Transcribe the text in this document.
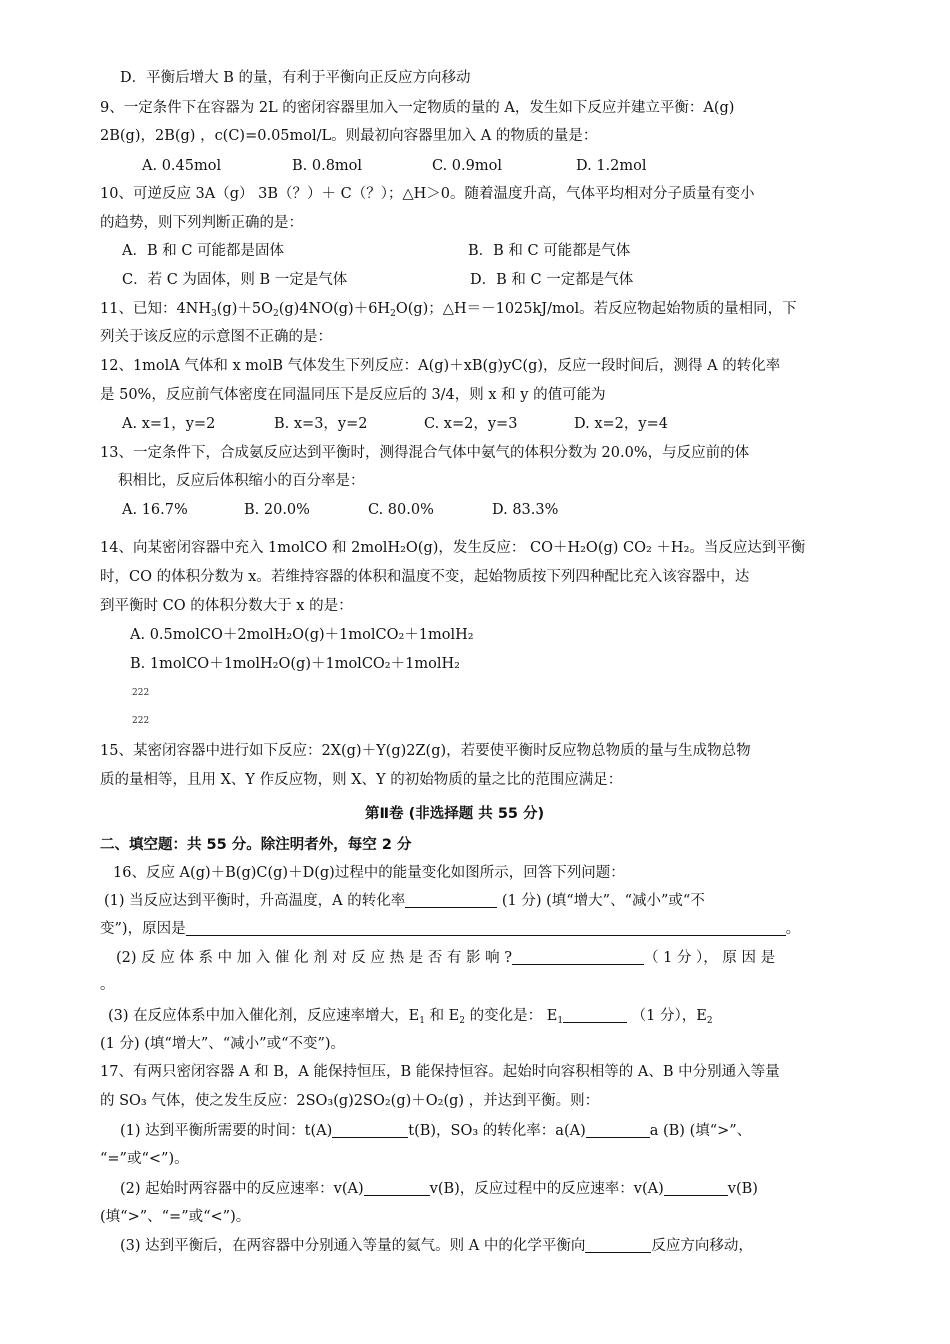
D．平衡后增大 B 的量，有利于平衡向正反应方向移动
9、一定条件下在容器为 2L 的密闭容器里加入一定物质的量的 A，发生如下反应并建立平衡：A(g)
2B(g)，2B(g) ，c(C)=0.05mol/L。则最初向容器里加入 A 的物质的量是：
A. 0.45mol	B. 0.8mol	C. 0.9mol	D. 1.2mol
10、可逆反应 3A（g） 3B（？）＋ C（？）；△H＞0。随着温度升高，气体平均相对分子质量有变小
的趋势，则下列判断正确的是：
A．B 和 C 可能都是固体	B．B 和 C 可能都是气体
C．若 C 为固体，则 B 一定是气体	D．B 和 C 一定都是气体
11、已知：$4NH_3(g)+5O_2(g)4NO(g)+6H_2O(g)$；△H＝－1025kJ/mol。若反应物起始物质的量相同，下
列关于该反应的示意图不正确的是：
12、1molA 气体和 x molB 气体发生下列反应：A(g)＋xB(g)yC(g)，反应一段时间后，测得 A 的转化率
是 50%，反应前气体密度在同温同压下是反应后的 3/4，则 x 和 y 的值可能为
A. x=1，y=2	B. x=3，y=2	C. x=2，y=3	D. x=2，y=4
13、一定条件下，合成氨反应达到平衡时，测得混合气体中氨气的体积分数为 20.0%，与反应前的体
积相比，反应后体积缩小的百分率是：
A. 16.7%	B. 20.0%	C. 80.0%	D. 83.3%
14、向某密闭容器中充入 1molCO 和 2molH₂O(g)，发生反应： CO＋H₂O(g) CO₂ ＋H₂。当反应达到平衡
时，CO 的体积分数为 x。若维持容器的体积和温度不变，起始物质按下列四种配比充入该容器中，达
到平衡时 CO 的体积分数大于 x 的是：
A. 0.5molCO＋2molH₂O(g)＋1molCO₂＋1molH₂
B. 1molCO＋1molH₂O(g)＋1molCO₂＋1molH₂
222
222
15、某密闭容器中进行如下反应：2X(g)＋Y(g)2Z(g)，若要使平衡时反应物总物质的量与生成物总物
质的量相等，且用 X、Y 作反应物，则 X、Y 的初始物质的量之比的范围应满足：
第Ⅱ卷 (非选择题 共 55 分)
二、填空题：共 55 分。除注明者外，每空 2 分
16、反应 A(g)＋B(g)C(g)＋D(g)过程中的能量变化如图所示，回答下列问题：
(1) 当反应达到平衡时，升高温度，A 的转化率	(1 分) (填“增大”、“减小”或“不
变”)，原因是	。
(2) 反 应 体 系 中 加 入 催 化 剂 对 反 应 热 是 否 有 影 响 ?	（ 1 分 ）， 原 因 是
。
(3) 在反应体系中加入催化剂，反应速率增大，$E_1$ 和 $E_2$ 的变化是： $E_1$	（1 分），$E_2$
(1 分) (填“增大”、“减小”或“不变”)。
17、有两只密闭容器 A 和 B，A 能保持恒压，B 能保持恒容。起始时向容积相等的 A、B 中分别通入等量
的 SO₃ 气体，使之发生反应：2SO₃(g)2SO₂(g)＋O₂(g) ，并达到平衡。则：
(1) 达到平衡所需要的时间：t(A)	t(B)，SO₃ 的转化率：a(A)	a (B) (填“>”、
“=”或“<”)。
(2) 起始时两容器中的反应速率：v(A)	v(B)，反应过程中的反应速率：v(A)	v(B)
(填“>”、“=”或“<”)。
(3) 达到平衡后，在两容器中分别通入等量的氦气。则 A 中的化学平衡向	反应方向移动，
